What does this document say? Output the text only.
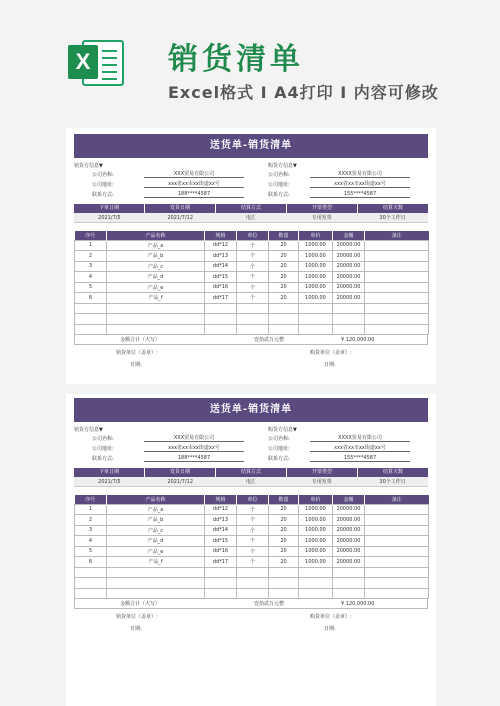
X	销货清单
Excel格式 I A4打印 I 内容可修改
送货单-销货清单
销货方信息▼	购货方信息▼
公司名称:	XXX贸易有限公司
公司地址:	xxx省xx市xx街道xx号
联系方式:	188****4587
公司名称:	XXXX贸易有限公司
公司地址:	xxx省xx市xx街道xx号
联系方式:	155****4587
下单日期	发货日期	结算方式	开票类型	结算天数
2021/7/5	2021/7/12	电汇	专用发票	30个工作日
序号	产品名称	规格	单位	数量	单价	金额	备注
1	产品_a	dd*12	个	20	1000.00	20000.00	
2	产品_b	dd*13	个	20	1000.00	20000.00	
3	产品_c	dd*14	个	20	1000.00	20000.00	
4	产品_d	dd*15	个	20	1000.00	20000.00	
5	产品_e	dd*16	个	20	1000.00	20000.00	
6	产品_f	dd*17	个	20	1000.00	20000.00	

金额合计（大写）	壹拾贰万元整	¥ 120,000.00
销货单位（盖章）:	购货单位（盖章）:
日期:	日期:
送货单-销货清单
销货方信息▼	购货方信息▼
公司名称:	XXX贸易有限公司
公司地址:	xxx省xx市xx街道xx号
联系方式:	188****4587
公司名称:	XXXX贸易有限公司
公司地址:	xxx省xx市xx街道xx号
联系方式:	155****4587
下单日期	发货日期	结算方式	开票类型	结算天数
2021/7/5	2021/7/12	电汇	专用发票	30个工作日
序号	产品名称	规格	单位	数量	单价	金额	备注
1	产品_a	dd*12	个	20	1000.00	20000.00	
2	产品_b	dd*13	个	20	1000.00	20000.00	
3	产品_c	dd*14	个	20	1000.00	20000.00	
4	产品_d	dd*15	个	20	1000.00	20000.00	
5	产品_e	dd*16	个	20	1000.00	20000.00	
6	产品_f	dd*17	个	20	1000.00	20000.00	

金额合计（大写）	壹拾贰万元整	¥ 120,000.00
销货单位（盖章）:	购货单位（盖章）:
日期:	日期:
